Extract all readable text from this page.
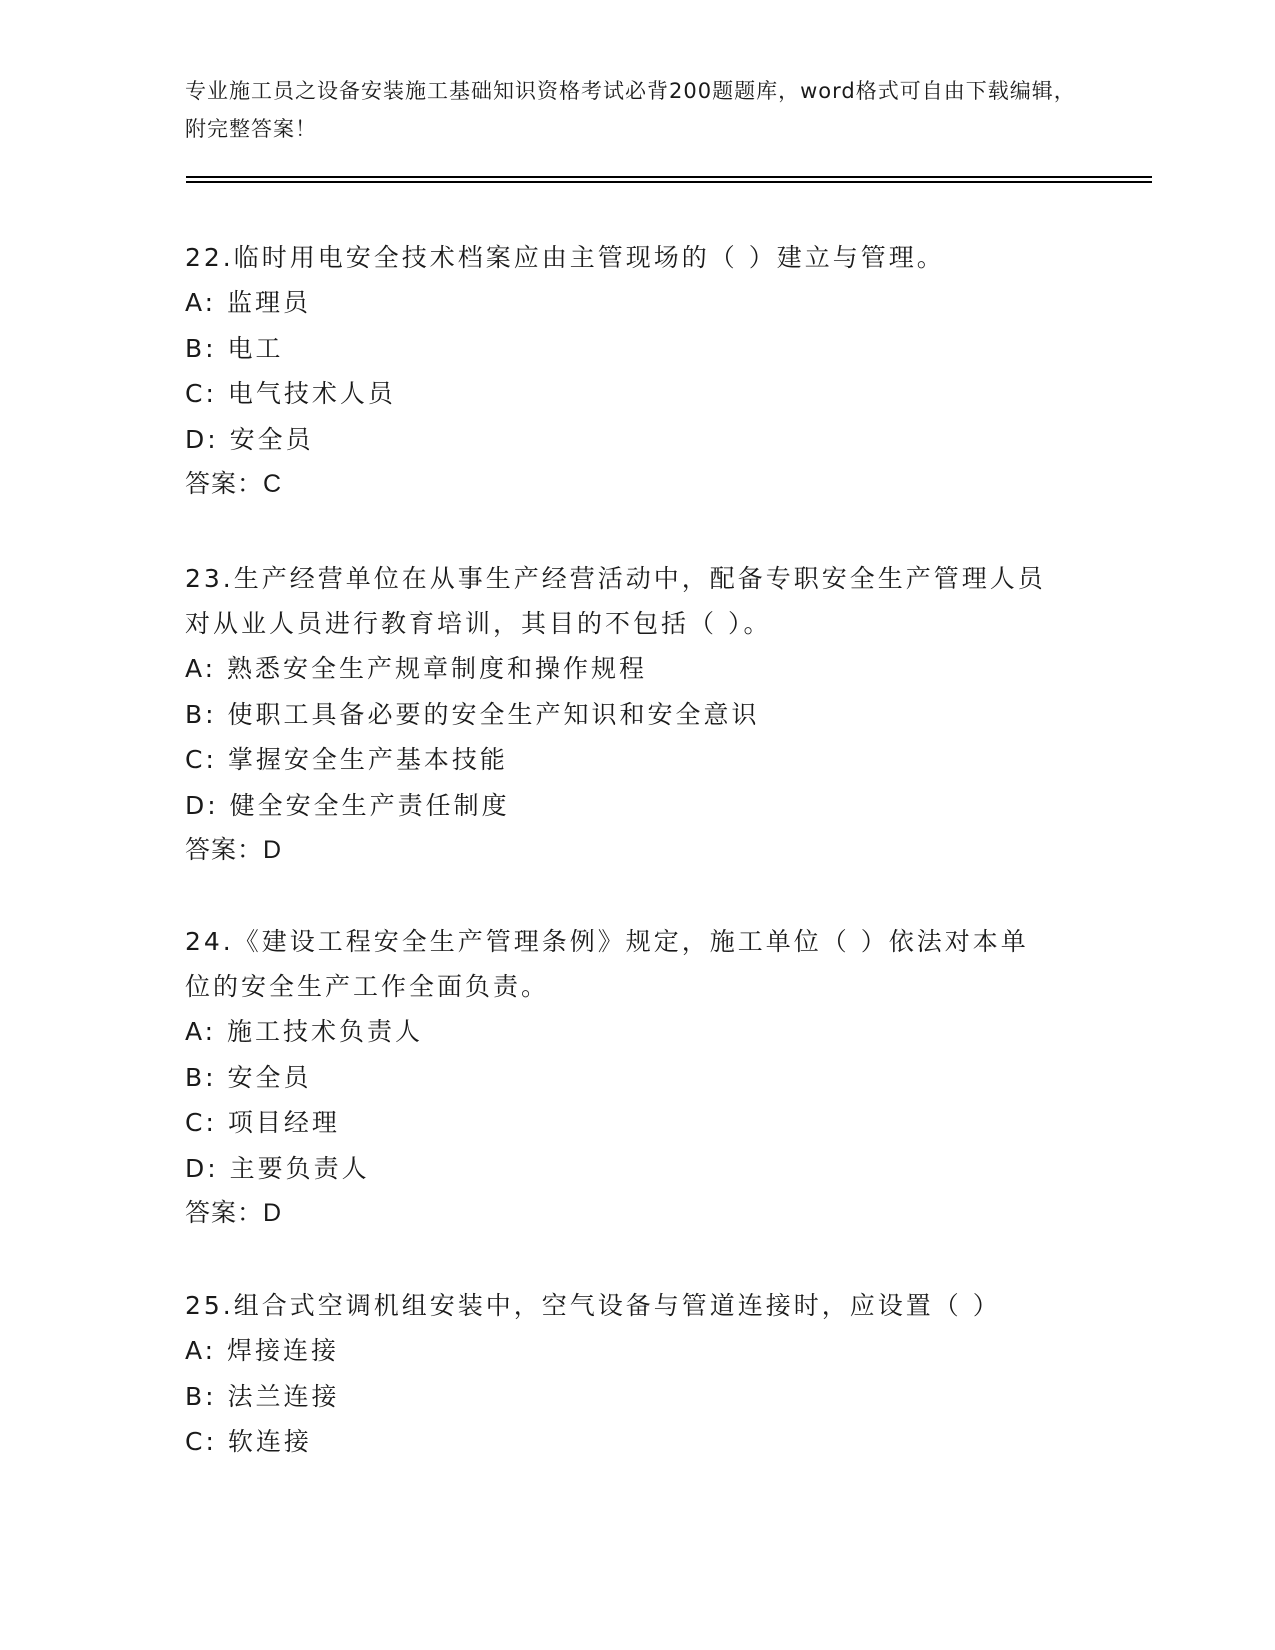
专业施工员之设备安装施工基础知识资格考试必背200题题库，word格式可自由下载编辑，附完整答案！
22.临时用电安全技术档案应由主管现场的（ ）建立与管理。
A: 监理员
B: 电工
C: 电气技术人员
D: 安全员
答案：C
23.生产经营单位在从事生产经营活动中，配备专职安全生产管理人员
对从业人员进行教育培训，其目的不包括（ ）。
A: 熟悉安全生产规章制度和操作规程
B: 使职工具备必要的安全生产知识和安全意识
C: 掌握安全生产基本技能
D: 健全安全生产责任制度
答案：D
24.《建设工程安全生产管理条例》规定，施工单位（ ）依法对本单
位的安全生产工作全面负责。
A: 施工技术负责人
B: 安全员
C: 项目经理
D: 主要负责人
答案：D
25.组合式空调机组安装中，空气设备与管道连接时，应设置（ ）
A: 焊接连接
B: 法兰连接
C: 软连接
